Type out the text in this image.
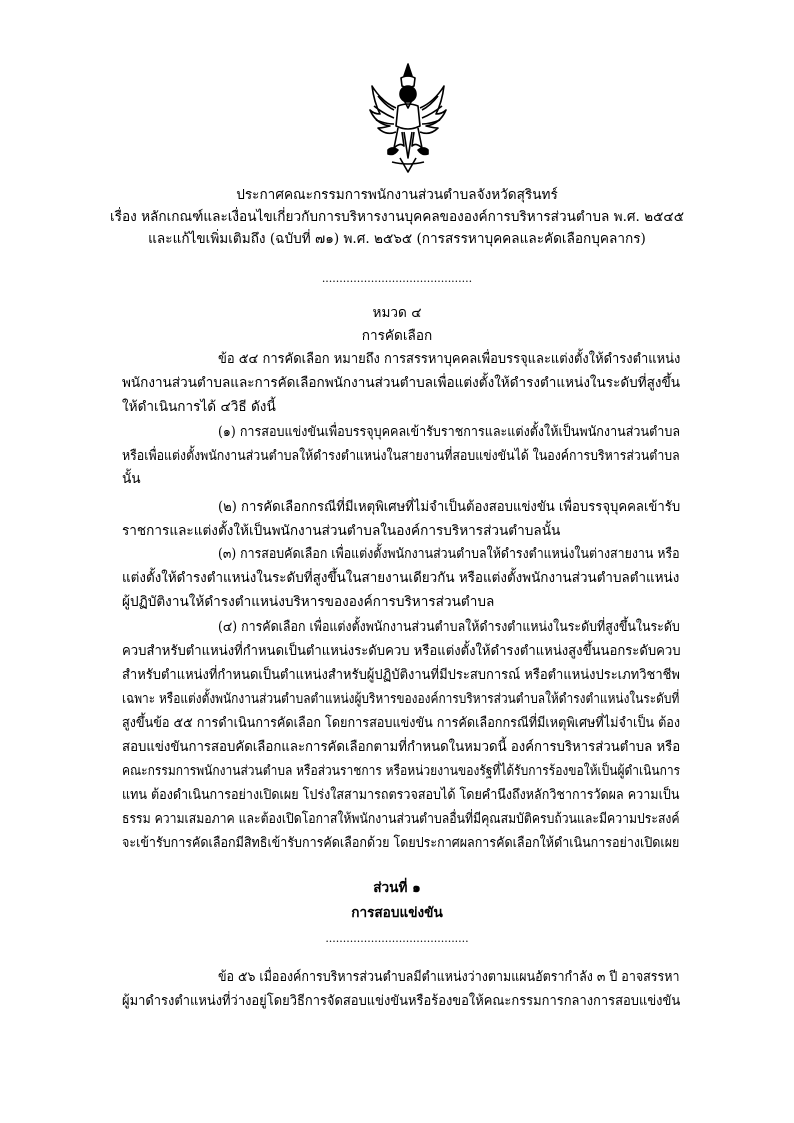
ประกาศคณะกรรมการพนักงานส่วนตำบลจังหวัดสุรินทร์
เรื่อง หลักเกณฑ์และเงื่อนไขเกี่ยวกับการบริหารงานบุคคลขององค์การบริหารส่วนตำบล พ.ศ. ๒๕๔๕
และแก้ไขเพิ่มเติมถึง (ฉบับที่ ๗๑) พ.ศ. ๒๕๖๕ (การสรรหาบุคคลและคัดเลือกบุคลากร)
...........................................
หมวด ๔
การคัดเลือก
ข้อ ๕๔ การคัดเลือก หมายถึง การสรรหาบุคคลเพื่อบรรจุและแต่งตั้งให้ดำรงตำแหน่ง
พนักงานส่วนตำบลและการคัดเลือกพนักงานส่วนตำบลเพื่อแต่งตั้งให้ดำรงตำแหน่งในระดับที่สูงขึ้น
ให้ดำเนินการได้ ๔วิธี ดังนี้
(๑) การสอบแข่งขันเพื่อบรรจุบุคคลเข้ารับราชการและแต่งตั้งให้เป็นพนักงานส่วนตำบล
หรือเพื่อแต่งตั้งพนักงานส่วนตำบลให้ดำรงตำแหน่งในสายงานที่สอบแข่งขันได้ ในองค์การบริหารส่วนตำบล
นั้น
(๒) การคัดเลือกกรณีที่มีเหตุพิเศษที่ไม่จำเป็นต้องสอบแข่งขัน เพื่อบรรจุบุคคลเข้ารับ
ราชการและแต่งตั้งให้เป็นพนักงานส่วนตำบลในองค์การบริหารส่วนตำบลนั้น
(๓) การสอบคัดเลือก เพื่อแต่งตั้งพนักงานส่วนตำบลให้ดำรงตำแหน่งในต่างสายงาน หรือ
แต่งตั้งให้ดำรงตำแหน่งในระดับที่สูงขึ้นในสายงานเดียวกัน หรือแต่งตั้งพนักงานส่วนตำบลตำแหน่ง
ผู้ปฏิบัติงานให้ดำรงตำแหน่งบริหารขององค์การบริหารส่วนตำบล
(๔) การคัดเลือก เพื่อแต่งตั้งพนักงานส่วนตำบลให้ดำรงตำแหน่งในระดับที่สูงขึ้นในระดับ
ควบสำหรับตำแหน่งที่กำหนดเป็นตำแหน่งระดับควบ หรือแต่งตั้งให้ดำรงตำแหน่งสูงขึ้นนอกระดับควบ
สำหรับตำแหน่งที่กำหนดเป็นตำแหน่งสำหรับผู้ปฏิบัติงานที่มีประสบการณ์ หรือตำแหน่งประเภทวิชาชีพ
เฉพาะ หรือแต่งตั้งพนักงานส่วนตำบลตำแหน่งผู้บริหารขององค์การบริหารส่วนตำบลให้ดำรงตำแหน่งในระดับที่
สูงขึ้นข้อ ๕๕ การดำเนินการคัดเลือก โดยการสอบแข่งขัน การคัดเลือกกรณีที่มีเหตุพิเศษที่ไม่จำเป็น ต้อง
สอบแข่งขันการสอบคัดเลือกและการคัดเลือกตามที่กำหนดในหมวดนี้ องค์การบริหารส่วนตำบล หรือ
คณะกรรมการพนักงานส่วนตำบล หรือส่วนราชการ หรือหน่วยงานของรัฐที่ได้รับการร้องขอให้เป็นผู้ดำเนินการ
แทน ต้องดำเนินการอย่างเปิดเผย โปร่งใสสามารถตรวจสอบได้ โดยคำนึงถึงหลักวิชาการวัดผล ความเป็น
ธรรม ความเสมอภาค และต้องเปิดโอกาสให้พนักงานส่วนตำบลอื่นที่มีคุณสมบัติครบถ้วนและมีความประสงค์
จะเข้ารับการคัดเลือกมีสิทธิเข้ารับการคัดเลือกด้วย โดยประกาศผลการคัดเลือกให้ดำเนินการอย่างเปิดเผย
ส่วนที่ ๑
การสอบแข่งขัน
.........................................
ข้อ ๕๖ เมื่อองค์การบริหารส่วนตำบลมีตำแหน่งว่างตามแผนอัตรากำลัง ๓ ปี อาจสรรหา
ผู้มาดำรงตำแหน่งที่ว่างอยู่โดยวิธีการจัดสอบแข่งขันหรือร้องขอให้คณะกรรมการกลางการสอบแข่งขัน
